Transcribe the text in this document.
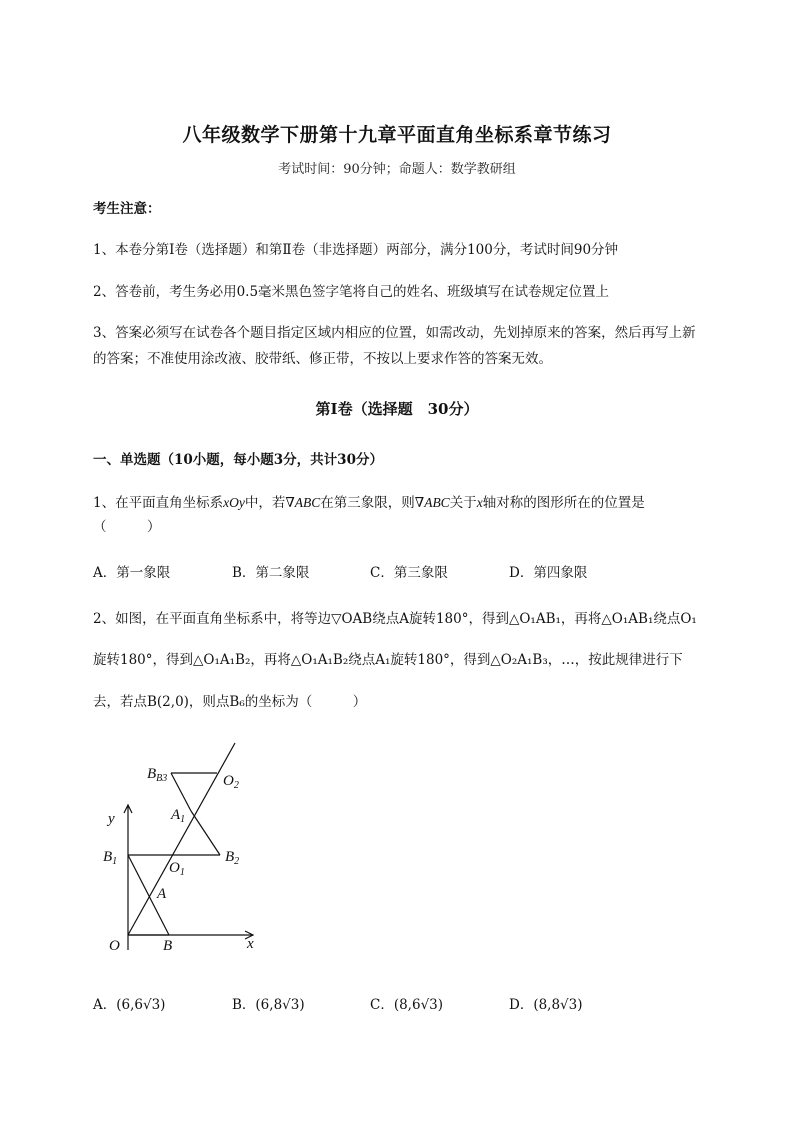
八年级数学下册第十九章平面直角坐标系章节练习
考试时间：90分钟；命题人：数学教研组
考生注意：
1、本卷分第I卷（选择题）和第Ⅱ卷（非选择题）两部分，满分100分，考试时间90分钟
2、答卷前，考生务必用0.5毫米黑色签字笔将自己的姓名、班级填写在试卷规定位置上
3、答案必须写在试卷各个题目指定区域内相应的位置，如需改动，先划掉原来的答案，然后再写上新
的答案；不准使用涂改液、胶带纸、修正带，不按以上要求作答的答案无效。
第I卷（选择题　30分）
一、单选题（10小题，每小题3分，共计30分）
1、在平面直角坐标系xOy中，若∇ABC在第三象限，则∇ABC关于x轴对称的图形所在的位置是
（　　　）
A．第一象限	B．第二象限	C．第三象限	D．第四象限
2、如图，在平面直角坐标系中，将等边▽OAB绕点A旋转180°，得到△O₁AB₁，再将△O₁AB₁绕点O₁
旋转180°，得到△O₁A₁B₂，再将△O₁A₁B₂绕点A₁旋转180°，得到△O₂A₁B₃，…，按此规律进行下
去，若点B(2,0)，则点B₆的坐标为（　　　）
$B_{B3}$	$O_2$
y	$A_1$
$B_1$	$O_1$
$B_2$
A
O	B	x
A．(6,6√3)	B．(6,8√3)	C．(8,6√3)	D．(8,8√3)
